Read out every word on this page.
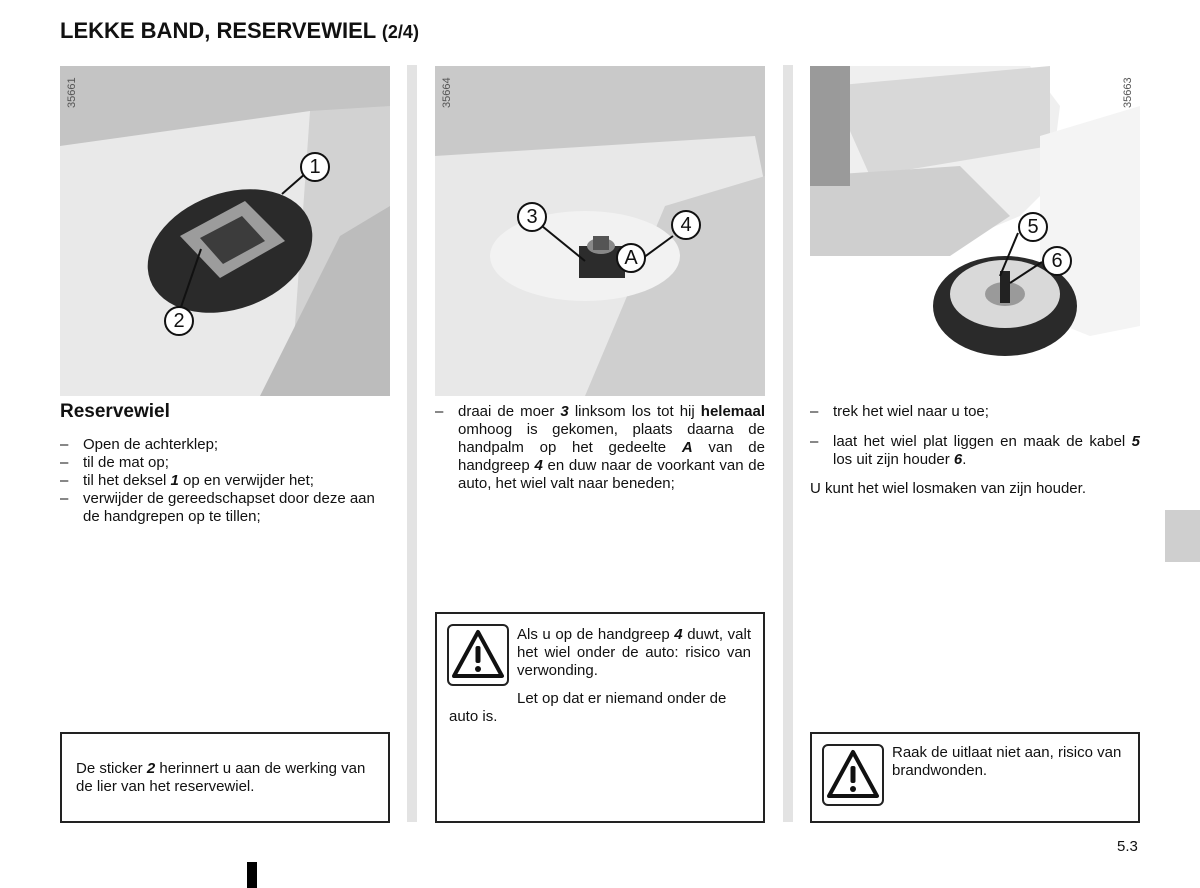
LEKKE BAND, RESERVEWIEL (2/4)
1
2
35661
3	4
A
35664
5
6
35663
Reservewiel
– Open de achterklep;
– til de mat op;
– til het deksel 1 op en verwijder het;
– verwijder de gereedschapset door deze aan de handgrepen op te tillen;

De sticker 2 herinnert u aan de werking van de lier van het reservewiel.

– draai de moer 3 linksom los tot hij helemaal omhoog is gekomen, plaats daarna de handpalm op het gedeelte A van de handgreep 4 en duw naar de voorkant van de auto, het wiel valt naar beneden;

Als u op de handgreep 4 duwt, valt het wiel onder de auto: risico van verwonding.

Let op dat er niemand onder de auto is.

– trek het wiel naar u toe;
– laat het wiel plat liggen en maak de kabel 5 los uit zijn houder 6.

U kunt het wiel losmaken van zijn houder.

Raak de uitlaat niet aan, risico van brandwonden.

5.3
